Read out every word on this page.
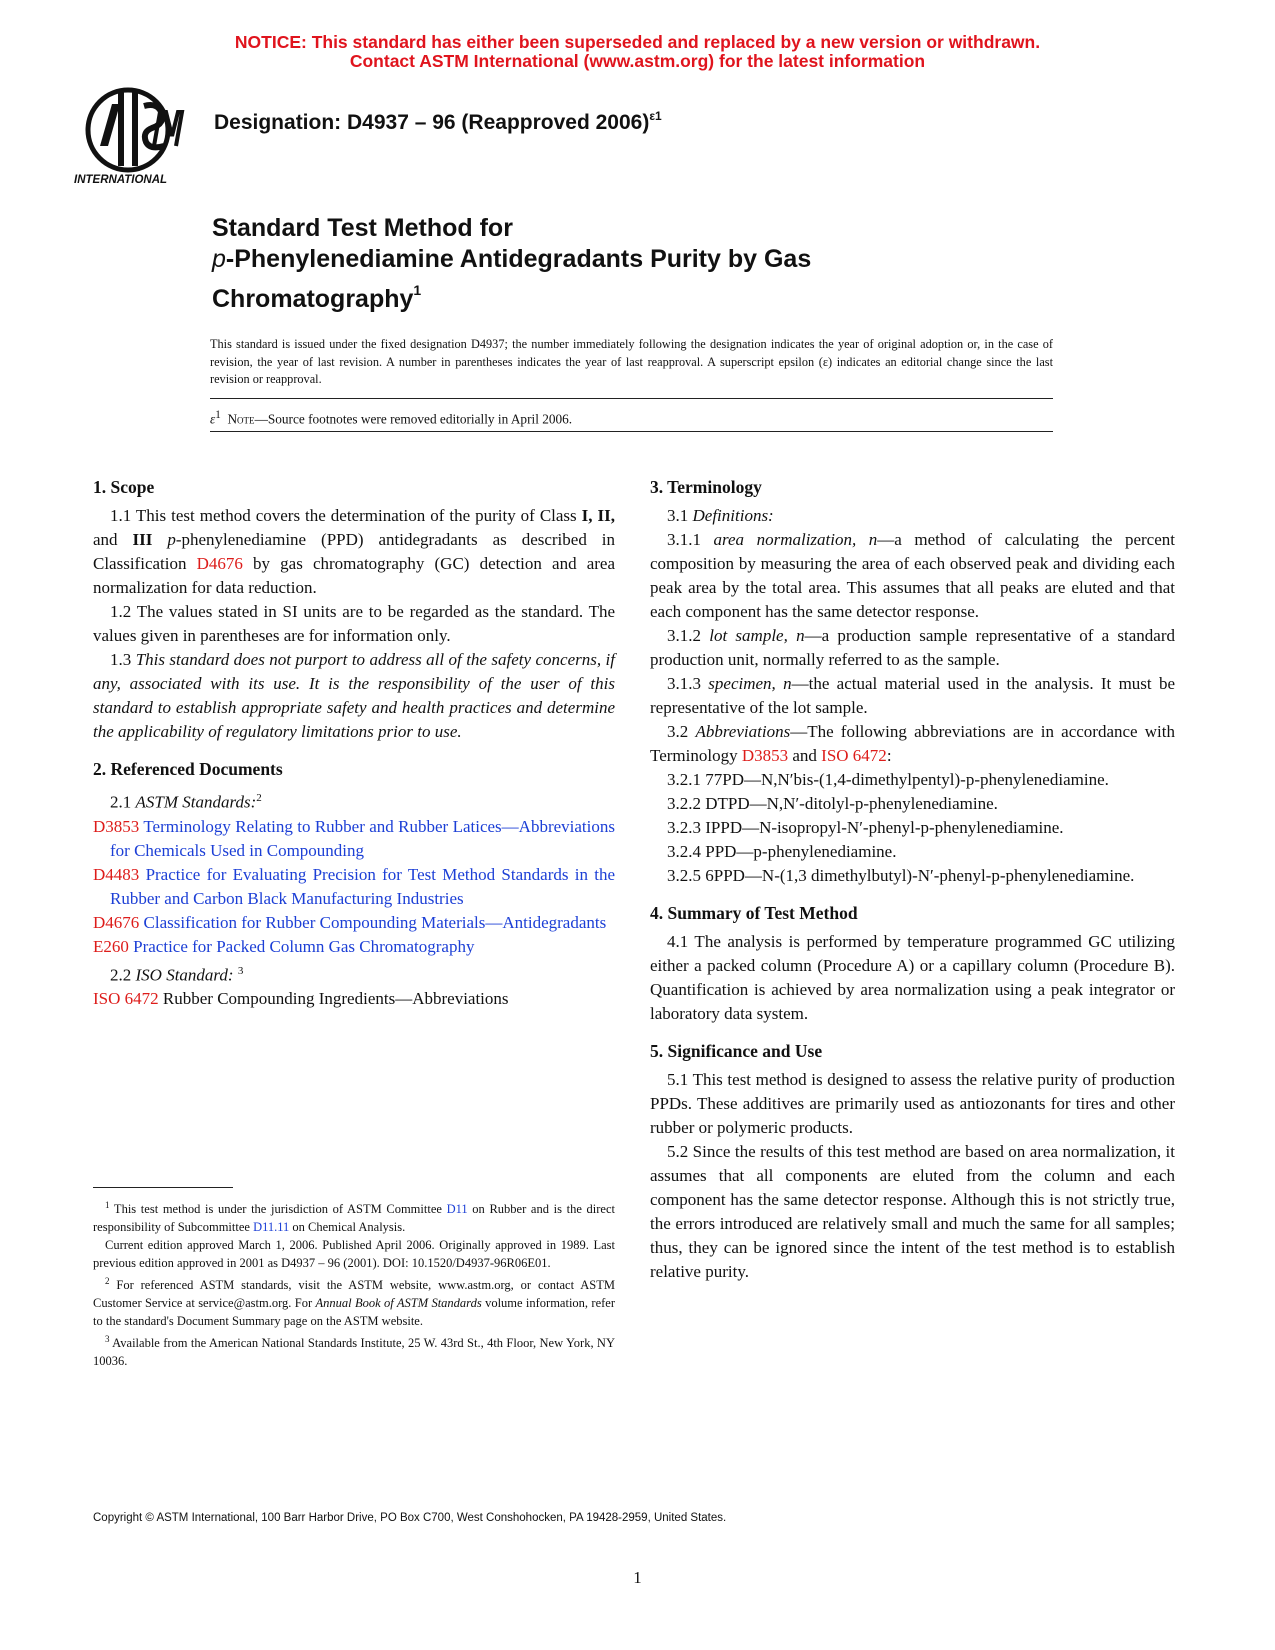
NOTICE: This standard has either been superseded and replaced by a new version or withdrawn.
Contact ASTM International (www.astm.org) for the latest information
INTERNATIONAL
Designation: D4937 – 96 (Reapproved 2006)$^{\varepsilon 1}$
Standard Test Method for
p-Phenylenediamine Antidegradants Purity by Gas
Chromatography$^1$
This standard is issued under the fixed designation D4937; the number immediately following the designation indicates the year of original adoption or, in the case of revision, the year of last revision. A number in parentheses indicates the year of last reapproval. A superscript epsilon (ε) indicates an editorial change since the last revision or reapproval.
$\varepsilon^1$ Note—Source footnotes were removed editorially in April 2006.
1. Scope

1.1 This test method covers the determination of the purity of Class I, II, and III p-phenylenediamine (PPD) antidegradants as described in Classification D4676 by gas chromatography (GC) detection and area normalization for data reduction.

1.2 The values stated in SI units are to be regarded as the standard. The values given in parentheses are for information only.

1.3 This standard does not purport to address all of the safety concerns, if any, associated with its use. It is the responsibility of the user of this standard to establish appropriate safety and health practices and determine the applicability of regulatory limitations prior to use.

2. Referenced Documents

2.1 ASTM Standards:$^2$

D3853 Terminology Relating to Rubber and Rubber Latices—Abbreviations for Chemicals Used in Compounding
D4483 Practice for Evaluating Precision for Test Method Standards in the Rubber and Carbon Black Manufacturing Industries
D4676 Classification for Rubber Compounding Materials—Antidegradants
E260 Practice for Packed Column Gas Chromatography

2.2 ISO Standard: $^3$

ISO 6472 Rubber Compounding Ingredients—Abbreviations

$^1$ This test method is under the jurisdiction of ASTM Committee D11 on Rubber and is the direct responsibility of Subcommittee D11.11 on Chemical Analysis.

Current edition approved March 1, 2006. Published April 2006. Originally approved in 1989. Last previous edition approved in 2001 as D4937 – 96 (2001). DOI: 10.1520/D4937-96R06E01.

$^2$ For referenced ASTM standards, visit the ASTM website, www.astm.org, or contact ASTM Customer Service at service@astm.org. For Annual Book of ASTM Standards volume information, refer to the standard's Document Summary page on the ASTM website.

$^3$ Available from the American National Standards Institute, 25 W. 43rd St., 4th Floor, New York, NY 10036.

3. Terminology

3.1 Definitions:

3.1.1 area normalization, n—a method of calculating the percent composition by measuring the area of each observed peak and dividing each peak area by the total area. This assumes that all peaks are eluted and that each component has the same detector response.

3.1.2 lot sample, n—a production sample representative of a standard production unit, normally referred to as the sample.

3.1.3 specimen, n—the actual material used in the analysis. It must be representative of the lot sample.

3.2 Abbreviations—The following abbreviations are in accordance with Terminology D3853 and ISO 6472:

3.2.1 77PD—N,N′bis-(1,4-dimethylpentyl)-p-phenylenediamine.

3.2.2 DTPD—N,N′-ditolyl-p-phenylenediamine.

3.2.3 IPPD—N-isopropyl-N′-phenyl-p-phenylenediamine.

3.2.4 PPD—p-phenylenediamine.

3.2.5 6PPD—N-(1,3 dimethylbutyl)-N′-phenyl-p-phenylenediamine.

4. Summary of Test Method

4.1 The analysis is performed by temperature programmed GC utilizing either a packed column (Procedure A) or a capillary column (Procedure B). Quantification is achieved by area normalization using a peak integrator or laboratory data system.

5. Significance and Use

5.1 This test method is designed to assess the relative purity of production PPDs. These additives are primarily used as antiozonants for tires and other rubber or polymeric products.

5.2 Since the results of this test method are based on area normalization, it assumes that all components are eluted from the column and each component has the same detector response. Although this is not strictly true, the errors introduced are relatively small and much the same for all samples; thus, they can be ignored since the intent of the test method is to establish relative purity.

Copyright © ASTM International, 100 Barr Harbor Drive, PO Box C700, West Conshohocken, PA 19428-2959, United States.
1
